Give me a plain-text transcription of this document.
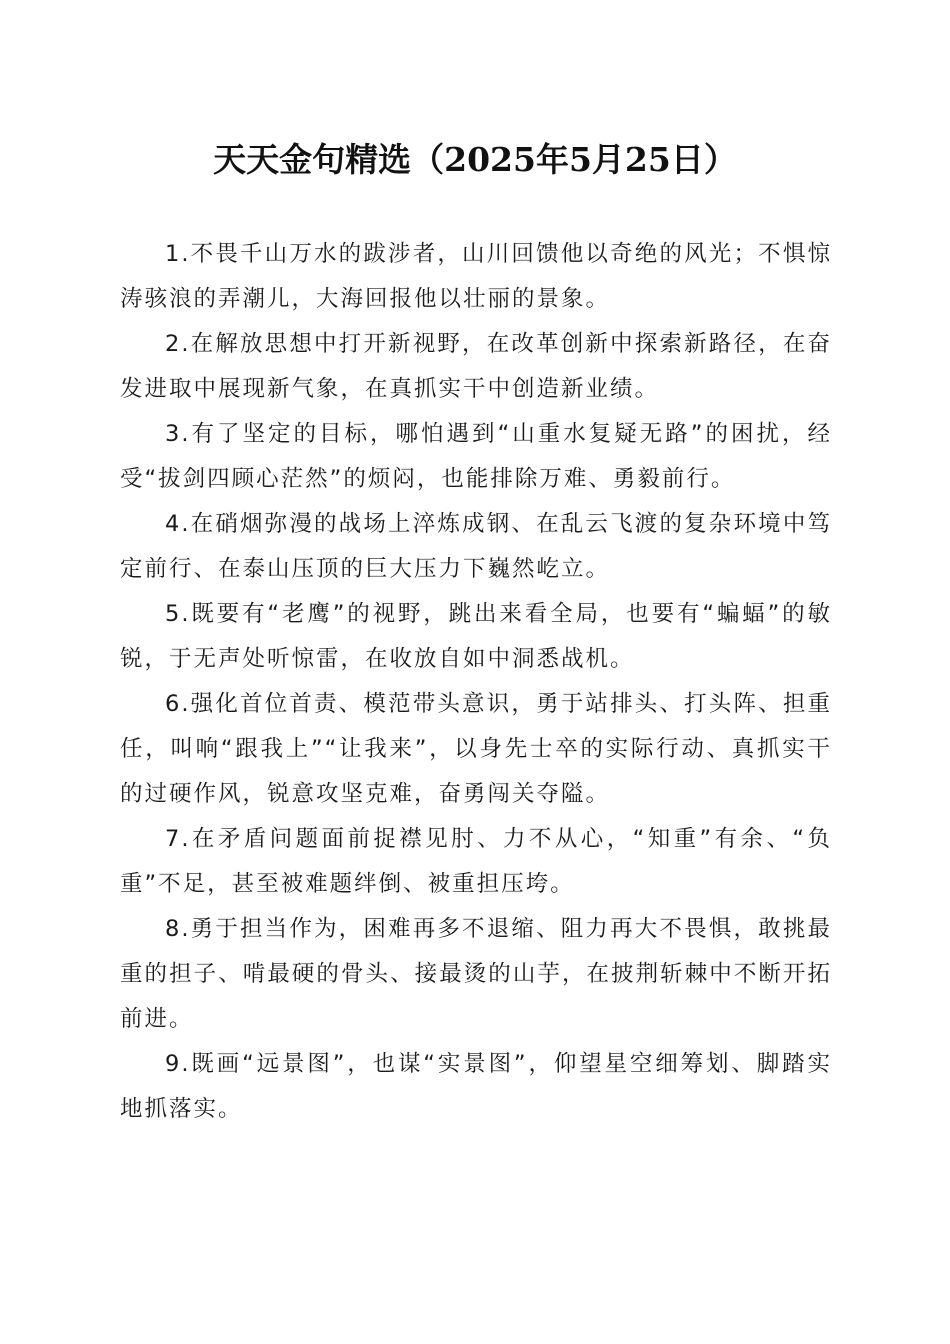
天天金句精选（2025年5月25日）

1.不畏千山万水的跋涉者，山川回馈他以奇绝的风光；不惧惊涛骇浪的弄潮儿，大海回报他以壮丽的景象。

2.在解放思想中打开新视野，在改革创新中探索新路径，在奋发进取中展现新气象，在真抓实干中创造新业绩。

3.有了坚定的目标，哪怕遇到“山重水复疑无路”的困扰，经受“拔剑四顾心茫然”的烦闷，也能排除万难、勇毅前行。

4.在硝烟弥漫的战场上淬炼成钢、在乱云飞渡的复杂环境中笃定前行、在泰山压顶的巨大压力下巍然屹立。

5.既要有“老鹰”的视野，跳出来看全局，也要有“蝙蝠”的敏锐，于无声处听惊雷，在收放自如中洞悉战机。

6.强化首位首责、模范带头意识，勇于站排头、打头阵、担重任，叫响“跟我上”“让我来”，以身先士卒的实际行动、真抓实干的过硬作风，锐意攻坚克难，奋勇闯关夺隘。

7.在矛盾问题面前捉襟见肘、力不从心，“知重”有余、“负重”不足，甚至被难题绊倒、被重担压垮。

8.勇于担当作为，困难再多不退缩、阻力再大不畏惧，敢挑最重的担子、啃最硬的骨头、接最烫的山芋，在披荆斩棘中不断开拓前进。

9.既画“远景图”，也谋“实景图”，仰望星空细筹划、脚踏实地抓落实。
